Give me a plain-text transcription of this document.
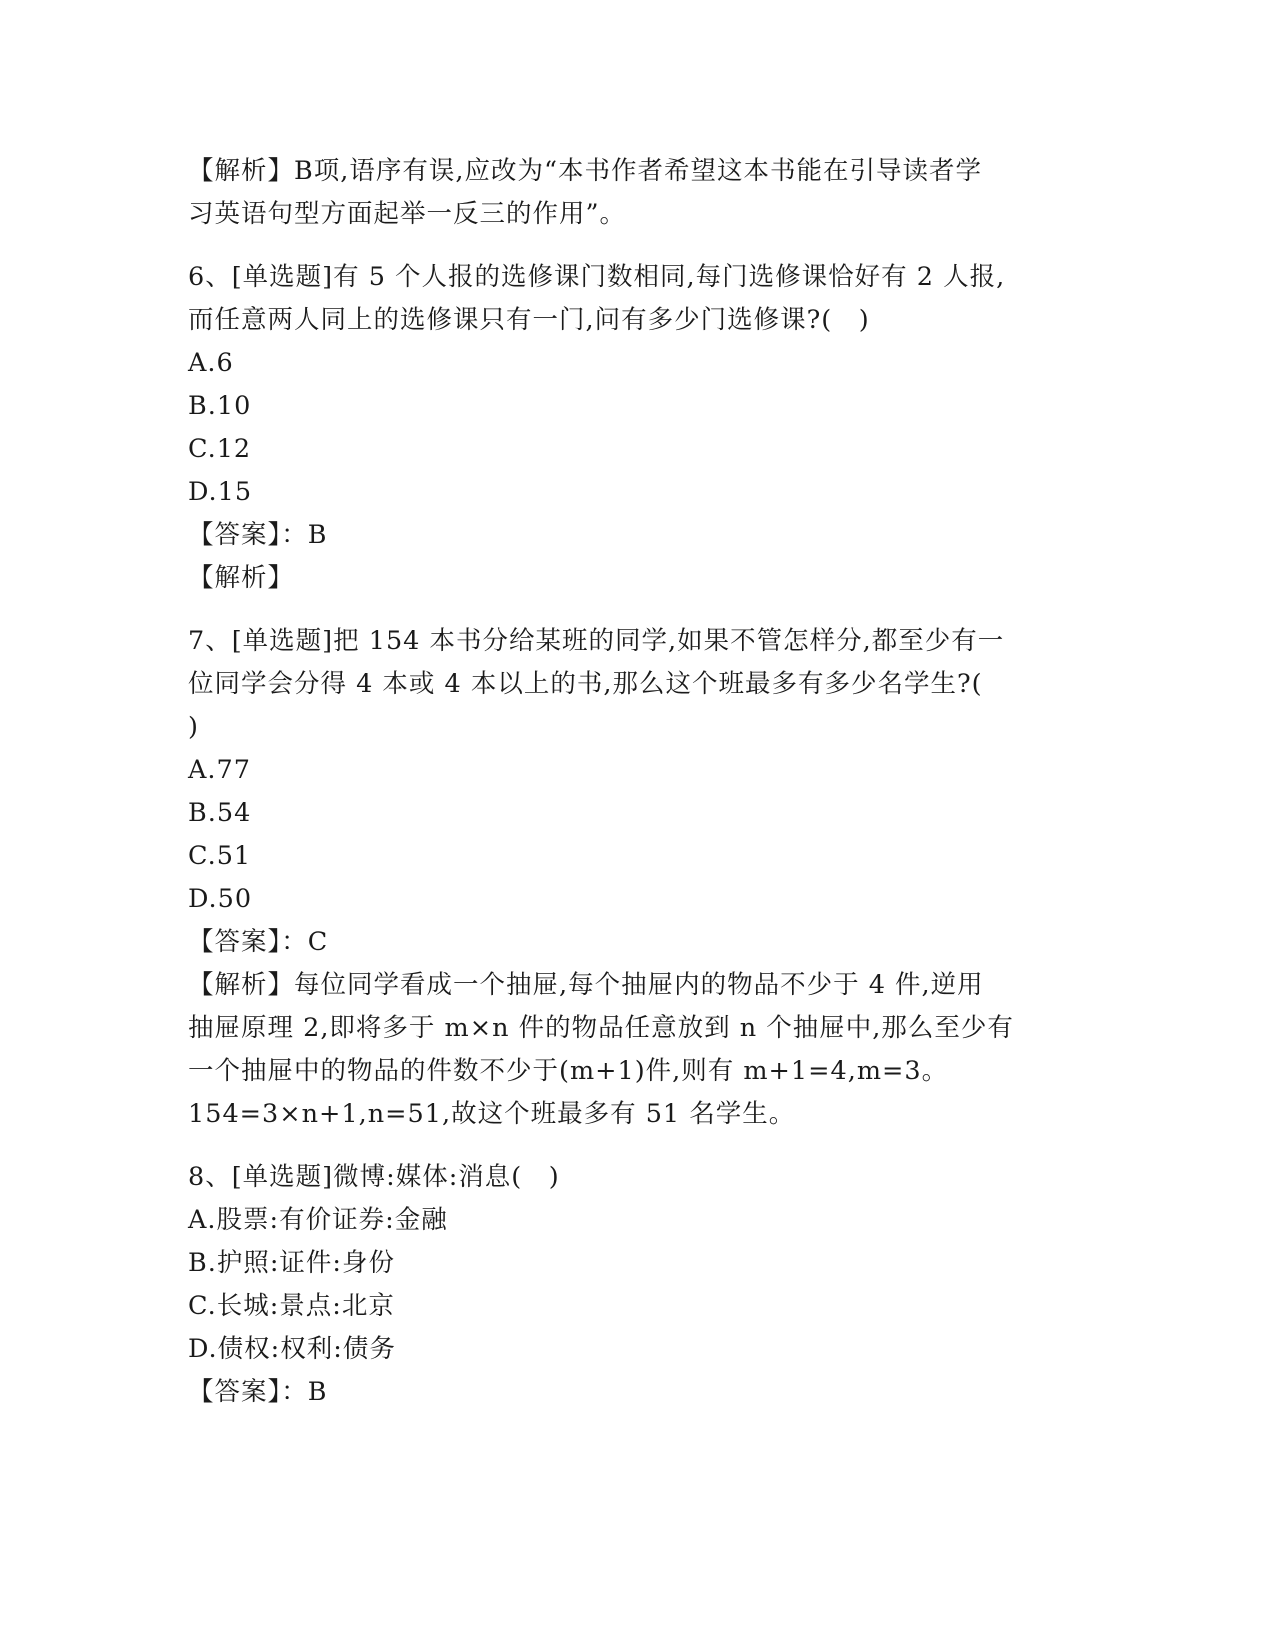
【解析】B项,语序有误,应改为“本书作者希望这本书能在引导读者学
习英语句型方面起举一反三的作用”。
6、[单选题]有 5 个人报的选修课门数相同,每门选修课恰好有 2 人报,
而任意两人同上的选修课只有一门,问有多少门选修课?(　)
A.6
B.10
C.12
D.15
【答案】：B
【解析】
7、[单选题]把 154 本书分给某班的同学,如果不管怎样分,都至少有一
位同学会分得 4 本或 4 本以上的书,那么这个班最多有多少名学生?(
)
A.77
B.54
C.51
D.50
【答案】：C
【解析】每位同学看成一个抽屉,每个抽屉内的物品不少于 4 件,逆用
抽屉原理 2,即将多于 m×n 件的物品任意放到 n 个抽屉中,那么至少有
一个抽屉中的物品的件数不少于(m+1)件,则有 m+1=4,m=3。
154=3×n+1,n=51,故这个班最多有 51 名学生。
8、[单选题]微博:媒体:消息(　)
A.股票:有价证券:金融
B.护照:证件:身份
C.长城:景点:北京
D.债权:权利:债务
【答案】：B
